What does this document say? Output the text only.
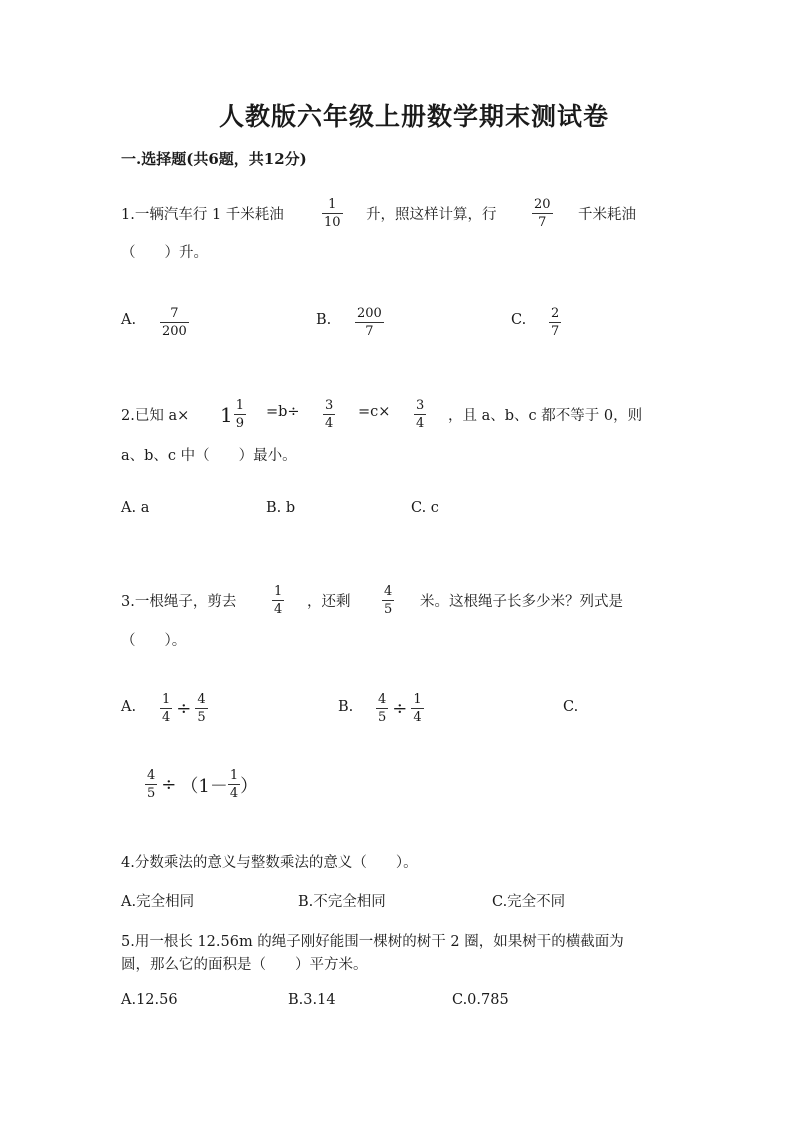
人教版六年级上册数学期末测试卷
一.选择题(共6题，共12分)
1.一辆汽车行 1 千米耗油
1
10 升，照这样计算，行
20
7 千米耗油
（　　）升。
A.	7
200
B. 200
7
C. 2
7
2.已知 $a\times 1 \frac{1}{9} =b\div 3$
4
=c× 3
4 ，且 a、b、c 都不等于 0，则
a、b、c 中（　　）最小。
A. a	B. b	C. c
3.一根绳子，剪去
1
4 ，还剩
4
5 米。这根绳子长多少米？列式是
（　　）。
A. $\frac{1}{4} \div \frac{4}{5}$	B. $\frac{4}{5} \div \frac{1}{4}$	C.
$\frac{4}{5} \div (1- \frac{1}{4}$ ）
4.分数乘法的意义与整数乘法的意义（　　）。
A.完全相同	B.不完全相同	C.完全不同
5.用一根长 12.56m 的绳子刚好能围一棵树的树干 2 圈，如果树干的横截面为
圆，那么它的面积是（　　）平方米。
A.12.56	B.3.14	C.0.785
